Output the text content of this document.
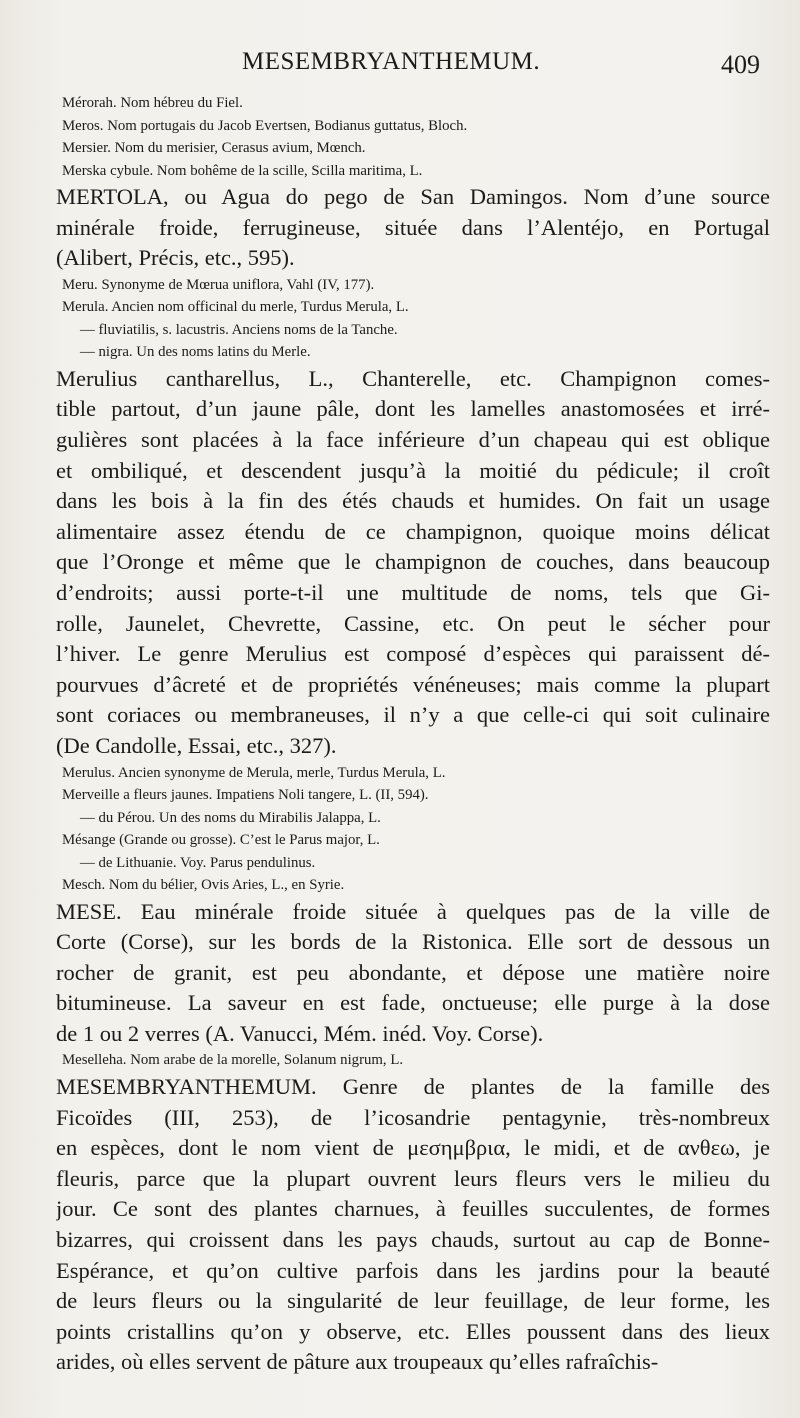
MESEMBRYANTHEMUM.	409
Mérorah. Nom hébreu du Fiel.
Meros. Nom portugais du Jacob Evertsen, Bodianus guttatus, Bloch.
Mersier. Nom du merisier, Cerasus avium, Mœnch.
Merska cybule. Nom bohême de la scille, Scilla maritima, L.
MERTOLA, ou Agua do pego de San Damingos. Nom d’une source
minérale froide, ferrugineuse, située dans l’Alentéjo, en Portugal
(Alibert, Précis, etc., 595).
Meru. Synonyme de Mœrua uniflora, Vahl (IV, 177).
Merula. Ancien nom officinal du merle, Turdus Merula, L.
— fluviatilis, s. lacustris. Anciens noms de la Tanche.
— nigra. Un des noms latins du Merle.
Merulius cantharellus, L., Chanterelle, etc. Champignon comes-
tible partout, d’un jaune pâle, dont les lamelles anastomosées et irré-
gulières sont placées à la face inférieure d’un chapeau qui est oblique
et ombiliqué, et descendent jusqu’à la moitié du pédicule; il croît
dans les bois à la fin des étés chauds et humides. On fait un usage
alimentaire assez étendu de ce champignon, quoique moins délicat
que l’Oronge et même que le champignon de couches, dans beaucoup
d’endroits; aussi porte-t-il une multitude de noms, tels que Gi-
rolle, Jaunelet, Chevrette, Cassine, etc. On peut le sécher pour
l’hiver. Le genre Merulius est composé d’espèces qui paraissent dé-
pourvues d’âcreté et de propriétés vénéneuses; mais comme la plupart
sont coriaces ou membraneuses, il n’y a que celle-ci qui soit culinaire
(De Candolle, Essai, etc., 327).
Merulus. Ancien synonyme de Merula, merle, Turdus Merula, L.
Merveille a fleurs jaunes. Impatiens Noli tangere, L. (II, 594).
— du Pérou. Un des noms du Mirabilis Jalappa, L.
Mésange (Grande ou grosse). C’est le Parus major, L.
— de Lithuanie. Voy. Parus pendulinus.
Mesch. Nom du bélier, Ovis Aries, L., en Syrie.
MESE. Eau minérale froide située à quelques pas de la ville de
Corte (Corse), sur les bords de la Ristonica. Elle sort de dessous un
rocher de granit, est peu abondante, et dépose une matière noire
bitumineuse. La saveur en est fade, onctueuse; elle purge à la dose
de 1 ou 2 verres (A. Vanucci, Mém. inéd. Voy. Corse).
Meselleha. Nom arabe de la morelle, Solanum nigrum, L.
MESEMBRYANTHEMUM. Genre de plantes de la famille des
Ficoïdes (III, 253), de l’icosandrie pentagynie, très-nombreux
en espèces, dont le nom vient de μεσημβρια, le midi, et de ανθεω, je
fleuris, parce que la plupart ouvrent leurs fleurs vers le milieu du
jour. Ce sont des plantes charnues, à feuilles succulentes, de formes
bizarres, qui croissent dans les pays chauds, surtout au cap de Bonne-
Espérance, et qu’on cultive parfois dans les jardins pour la beauté
de leurs fleurs ou la singularité de leur feuillage, de leur forme, les
points cristallins qu’on y observe, etc. Elles poussent dans des lieux
arides, où elles servent de pâture aux troupeaux qu’elles rafraîchis-
